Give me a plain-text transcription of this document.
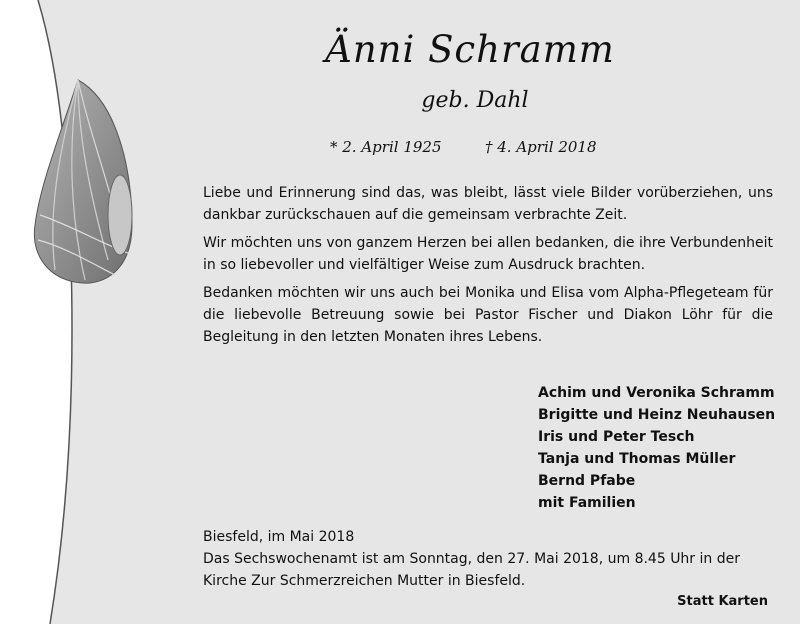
Änni Schramm
geb. Dahl
* 2. April 1925	† 4. April 2018

Liebe und Erinnerung sind das, was bleibt, lässt viele Bilder vorüberziehen, uns dankbar zurückschauen auf die gemeinsam verbrachte Zeit.

Wir möchten uns von ganzem Herzen bei allen bedanken, die ihre Verbundenheit in so liebevoller und vielfältiger Weise zum Ausdruck brachten.

Bedanken möchten wir uns auch bei Monika und Elisa vom Alpha-Pflegeteam für die liebevolle Betreuung sowie bei Pastor Fischer und Diakon Löhr für die Begleitung in den letzten Monaten ihres Lebens.

Achim und Veronika Schramm
Brigitte und Heinz Neuhausen
Iris und Peter Tesch
Tanja und Thomas Müller
Bernd Pfabe
mit Familien
Biesfeld, im Mai 2018
Das Sechswochenamt ist am Sonntag, den 27. Mai 2018, um 8.45 Uhr in der
Kirche Zur Schmerzreichen Mutter in Biesfeld.
Statt Karten
